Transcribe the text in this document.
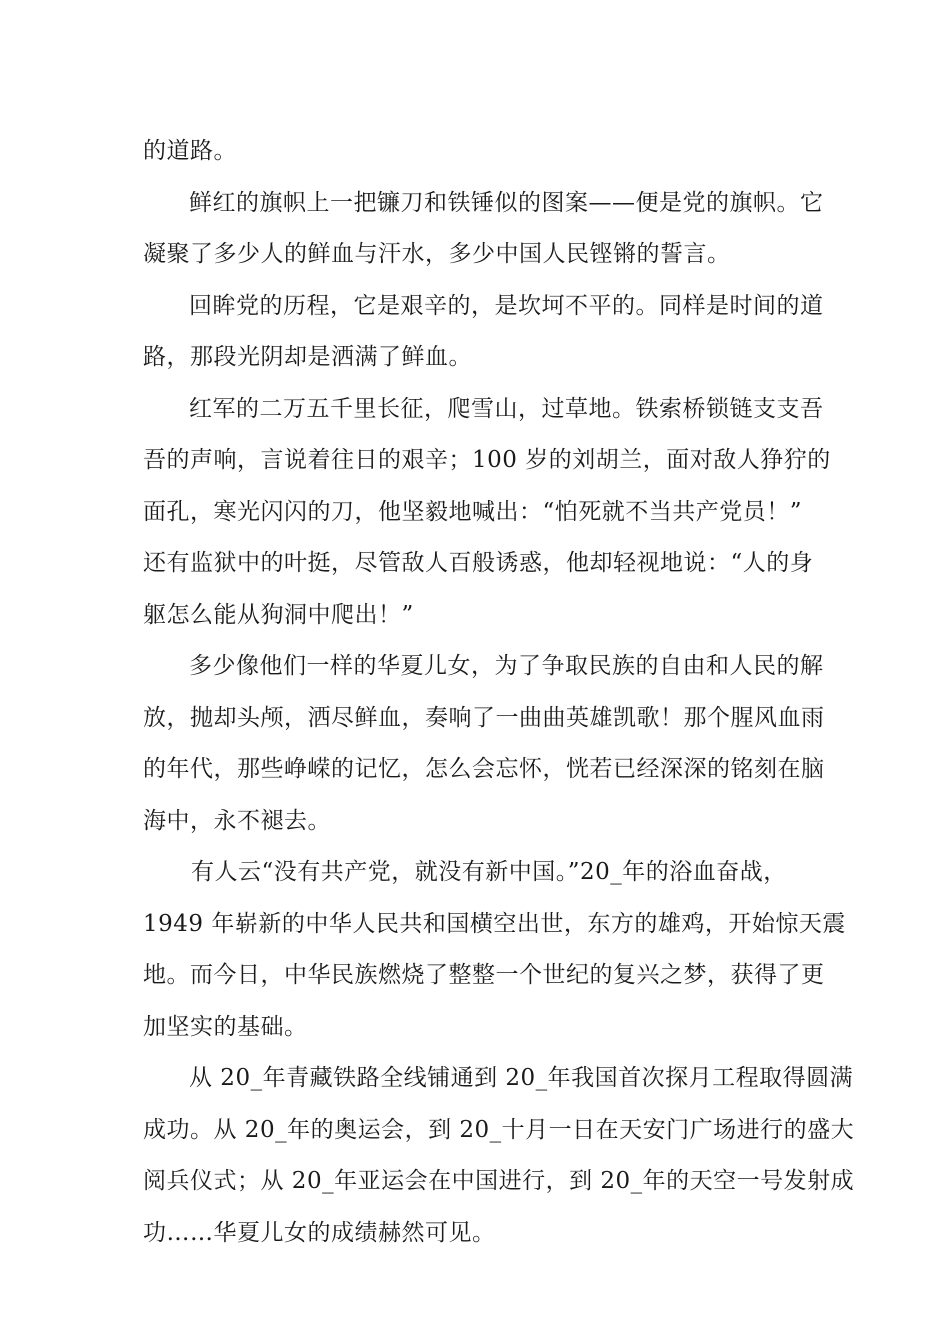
的道路。

鲜红的旗帜上一把镰刀和铁锤似的图案——便是党的旗帜。它
凝聚了多少人的鲜血与汗水，多少中国人民铿锵的誓言。

回眸党的历程，它是艰辛的，是坎坷不平的。同样是时间的道
路，那段光阴却是洒满了鲜血。

红军的二万五千里长征，爬雪山，过草地。铁索桥锁链支支吾
吾的声响，言说着往日的艰辛；100 岁的刘胡兰，面对敌人狰狞的
面孔，寒光闪闪的刀，他坚毅地喊出：“怕死就不当共产党员！”
还有监狱中的叶挺，尽管敌人百般诱惑，他却轻视地说：“人的身
躯怎么能从狗洞中爬出！”

多少像他们一样的华夏儿女，为了争取民族的自由和人民的解
放，抛却头颅，洒尽鲜血，奏响了一曲曲英雄凯歌！那个腥风血雨
的年代，那些峥嵘的记忆，怎么会忘怀，恍若已经深深的铭刻在脑
海中，永不褪去。

有人云“没有共产党，就没有新中国。”20_年的浴血奋战，
1949 年崭新的中华人民共和国横空出世，东方的雄鸡，开始惊天震
地。而今日，中华民族燃烧了整整一个世纪的复兴之梦，获得了更
加坚实的基础。

从 20_年青藏铁路全线铺通到 20_年我国首次探月工程取得圆满
成功。从 20_年的奥运会，到 20_十月一日在天安门广场进行的盛大
阅兵仪式；从 20_年亚运会在中国进行，到 20_年的天空一号发射成
功……华夏儿女的成绩赫然可见。
